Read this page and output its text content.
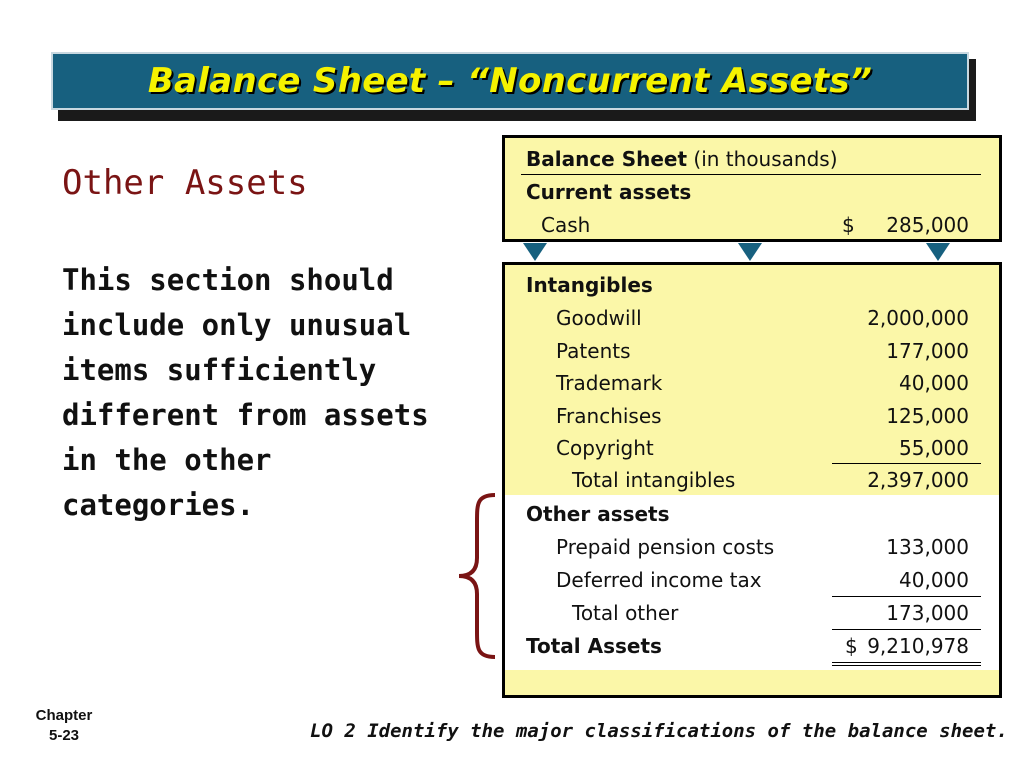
Balance Sheet – “Noncurrent Assets”
Other Assets
This section should
include only unusual
items sufficiently
different from assets
in the other
categories.
Balance Sheet (in thousands)
Current assets
Cash	$ 285,000
Intangibles
Goodwill	2,000,000
Patents	177,000
Trademark	40,000
Franchises	125,000
Copyright	55,000
Total intangibles	2,397,000
Other assets
Prepaid pension costs	133,000
Deferred income tax	40,000
Total other	173,000
Total Assets	$ 9,210,978
Chapter
5-23	LO 2 Identify the major classifications of the balance sheet.
